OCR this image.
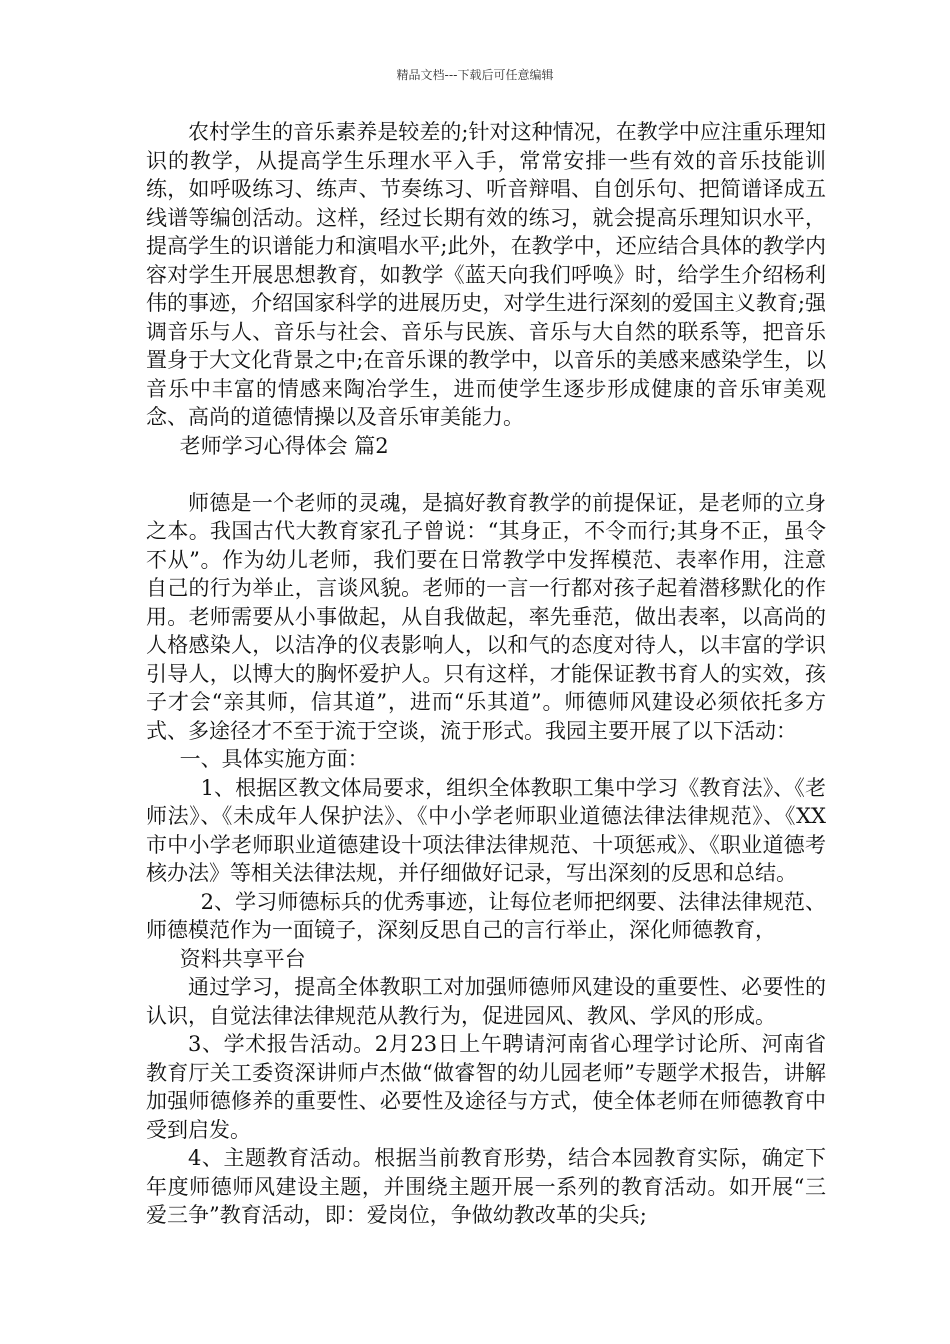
精品文档---下载后可任意编辑

农村学生的音乐素养是较差的;针对这种情况，在教学中应注重乐理知识的教学，从提高学生乐理水平入手，常常安排一些有效的音乐技能训练，如呼吸练习、练声、节奏练习、听音辩唱、自创乐句、把简谱译成五线谱等编创活动。这样，经过长期有效的练习，就会提高乐理知识水平，提高学生的识谱能力和演唱水平;此外，在教学中，还应结合具体的教学内容对学生开展思想教育，如教学《蓝天向我们呼唤》时，给学生介绍杨利伟的事迹，介绍国家科学的进展历史，对学生进行深刻的爱国主义教育;强调音乐与人、音乐与社会、音乐与民族、音乐与大自然的联系等，把音乐置身于大文化背景之中;在音乐课的教学中，以音乐的美感来感染学生，以音乐中丰富的情感来陶冶学生，进而使学生逐步形成健康的音乐审美观念、高尚的道德情操以及音乐审美能力。

老师学习心得体会 篇2

师德是一个老师的灵魂，是搞好教育教学的前提保证，是老师的立身之本。我国古代大教育家孔子曾说：“其身正，不令而行;其身不正，虽令不从”。作为幼儿老师，我们要在日常教学中发挥模范、表率作用，注意自己的行为举止，言谈风貌。老师的一言一行都对孩子起着潜移默化的作用。老师需要从小事做起，从自我做起，率先垂范，做出表率，以高尚的人格感染人，以洁净的仪表影响人，以和气的态度对待人，以丰富的学识引导人，以博大的胸怀爱护人。只有这样，才能保证教书育人的实效，孩子才会“亲其师，信其道”，进而“乐其道”。师德师风建设必须依托多方式、多途径才不至于流于空谈，流于形式。我园主要开展了以下活动：

一、具体实施方面：

1、根据区教文体局要求，组织全体教职工集中学习《教育法》、《老师法》、《未成年人保护法》、《中小学老师职业道德法律法律规范》、《XX市中小学老师职业道德建设十项法律法律规范、十项惩戒》、《职业道德考核办法》等相关法律法规，并仔细做好记录，写出深刻的反思和总结。

2、学习师德标兵的优秀事迹，让每位老师把纲要、法律法律规范、师德模范作为一面镜子，深刻反思自己的言行举止，深化师德教育，

资料共享平台

通过学习，提高全体教职工对加强师德师风建设的重要性、必要性的认识，自觉法律法律规范从教行为，促进园风、教风、学风的形成。

3、学术报告活动。2月23日上午聘请河南省心理学讨论所、河南省教育厅关工委资深讲师卢杰做“做睿智的幼儿园老师”专题学术报告，讲解加强师德修养的重要性、必要性及途径与方式，使全体老师在师德教育中受到启发。

4、主题教育活动。根据当前教育形势，结合本园教育实际，确定下年度师德师风建设主题，并围绕主题开展一系列的教育活动。如开展“三爱三争”教育活动，即：爱岗位，争做幼教改革的尖兵;
